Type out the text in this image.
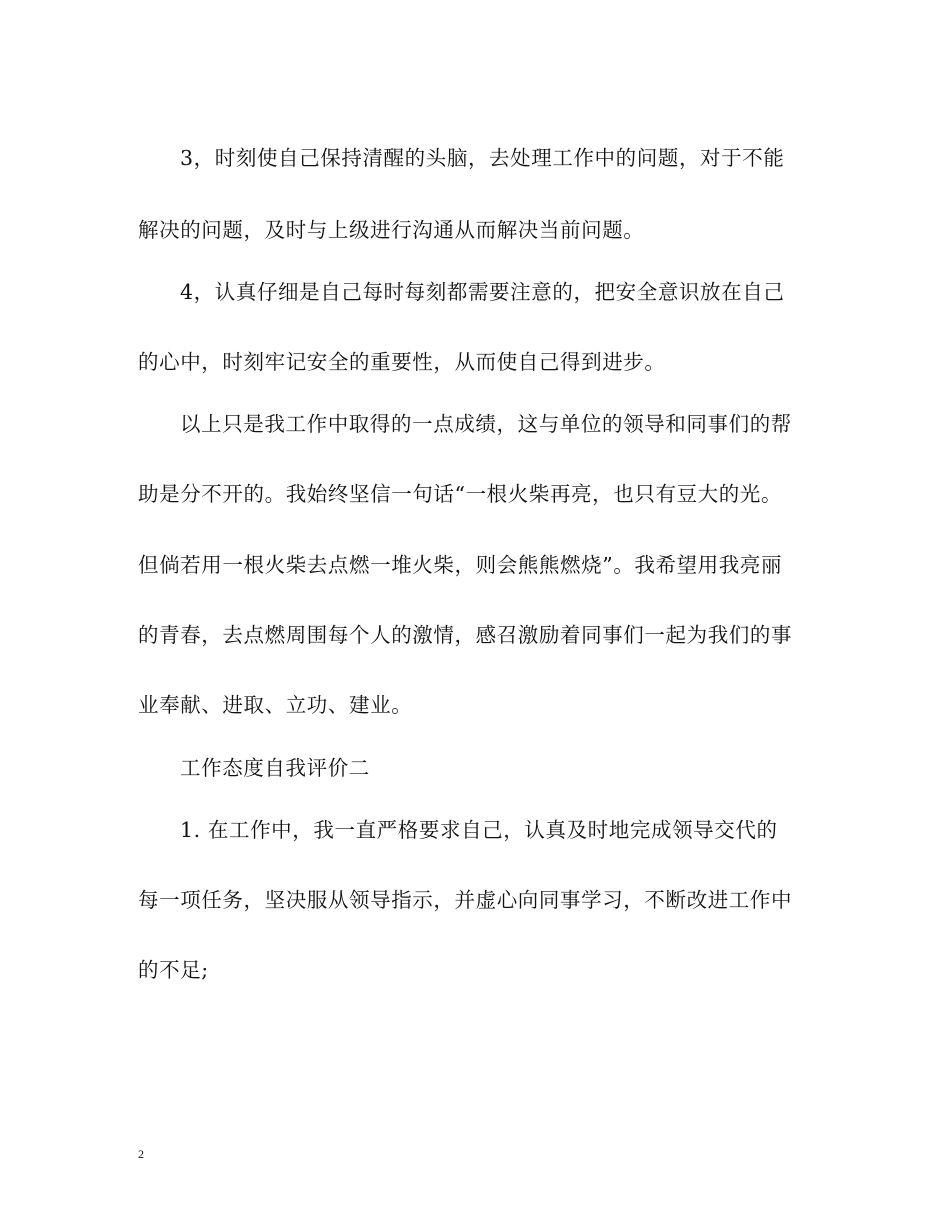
3，时刻使自己保持清醒的头脑，去处理工作中的问题，对于不能
解决的问题，及时与上级进行沟通从而解决当前问题。
4，认真仔细是自己每时每刻都需要注意的，把安全意识放在自己
的心中，时刻牢记安全的重要性，从而使自己得到进步。
以上只是我工作中取得的一点成绩，这与单位的领导和同事们的帮
助是分不开的。我始终坚信一句话“一根火柴再亮，也只有豆大的光。
但倘若用一根火柴去点燃一堆火柴，则会熊熊燃烧”。我希望用我亮丽
的青春，去点燃周围每个人的激情，感召激励着同事们一起为我们的事
业奉献、进取、立功、建业。
工作态度自我评价二
1. 在工作中，我一直严格要求自己，认真及时地完成领导交代的
每一项任务，坚决服从领导指示，并虚心向同事学习，不断改进工作中
的不足;
2
